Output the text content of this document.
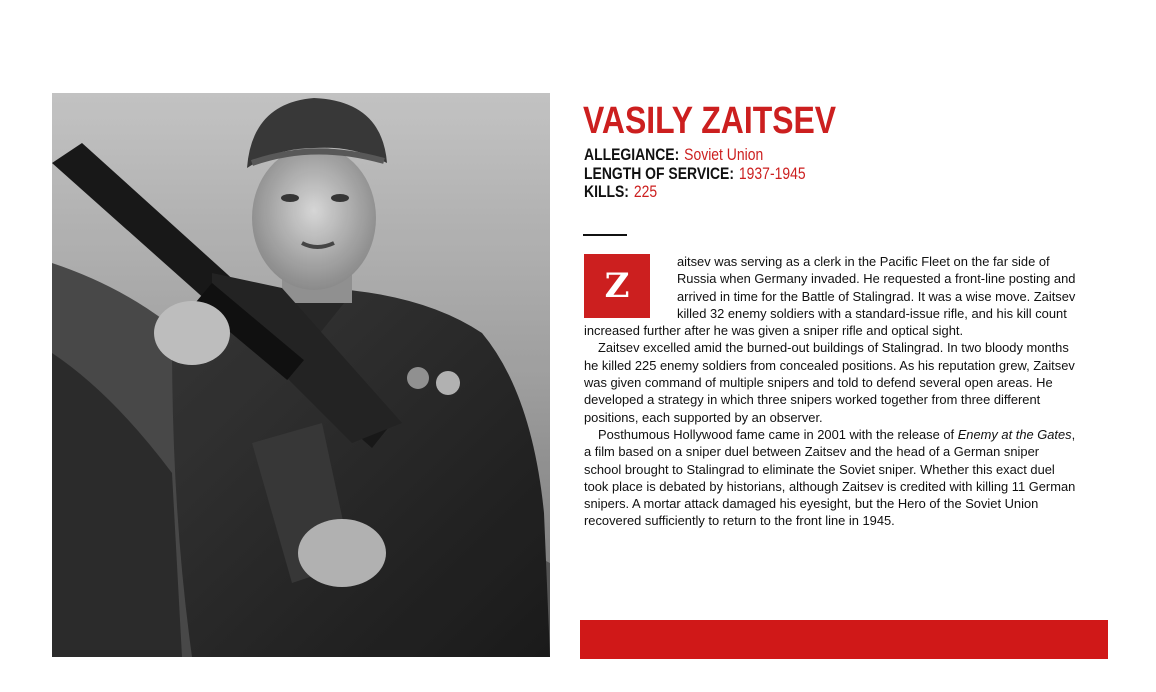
VASILY ZAITSEV
ALLEGIANCE: Soviet Union
LENGTH OF SERVICE: 1937-1945
KILLS: 225

Z
aitsev was serving as a clerk in the Pacific Fleet on the far side of Russia when Germany invaded. He requested a front-line posting and arrived in time for the Battle of Stalingrad. It was a wise move. Zaitsev killed 32 enemy soldiers with a standard-issue rifle, and his kill count increased further after he was given a sniper rifle and optical sight.

Zaitsev excelled amid the burned-out buildings of Stalingrad. In two bloody months he killed 225 enemy soldiers from concealed positions. As his reputation grew, Zaitsev was given command of multiple snipers and told to defend several open areas. He developed a strategy in which three snipers worked together from three different positions, each supported by an observer.

Posthumous Hollywood fame came in 2001 with the release of Enemy at the Gates, a film based on a sniper duel between Zaitsev and the head of a German sniper school brought to Stalingrad to eliminate the Soviet sniper. Whether this exact duel took place is debated by historians, although Zaitsev is credited with killing 11 German snipers. A mortar attack damaged his eyesight, but the Hero of the Soviet Union recovered sufficiently to return to the front line in 1945.
